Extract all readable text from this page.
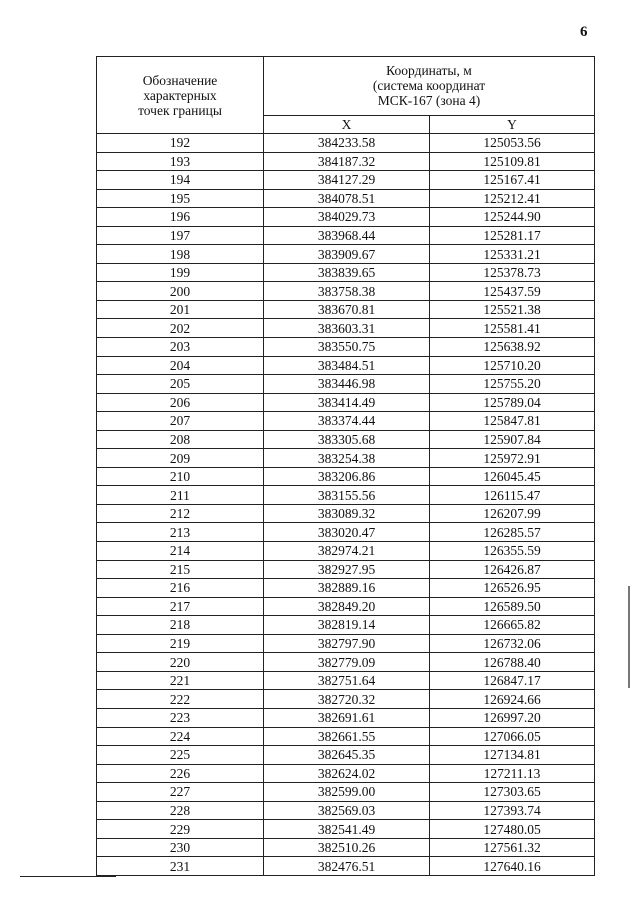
6
Обозначение
характерных
точек границы	Координаты, м
(система координат
МСК-167 (зона 4)	

	X	Y
192	384233.58	125053.56
193	384187.32	125109.81
194	384127.29	125167.41
195	384078.51	125212.41
196	384029.73	125244.90
197	383968.44	125281.17
198	383909.67	125331.21
199	383839.65	125378.73
200	383758.38	125437.59
201	383670.81	125521.38
202	383603.31	125581.41
203	383550.75	125638.92
204	383484.51	125710.20
205	383446.98	125755.20
206	383414.49	125789.04
207	383374.44	125847.81
208	383305.68	125907.84
209	383254.38	125972.91
210	383206.86	126045.45
211	383155.56	126115.47
212	383089.32	126207.99
213	383020.47	126285.57
214	382974.21	126355.59
215	382927.95	126426.87
216	382889.16	126526.95
217	382849.20	126589.50
218	382819.14	126665.82
219	382797.90	126732.06
220	382779.09	126788.40
221	382751.64	126847.17
222	382720.32	126924.66
223	382691.61	126997.20
224	382661.55	127066.05
225	382645.35	127134.81
226	382624.02	127211.13
227	382599.00	127303.65
228	382569.03	127393.74
229	382541.49	127480.05
230	382510.26	127561.32
231	382476.51	127640.16
